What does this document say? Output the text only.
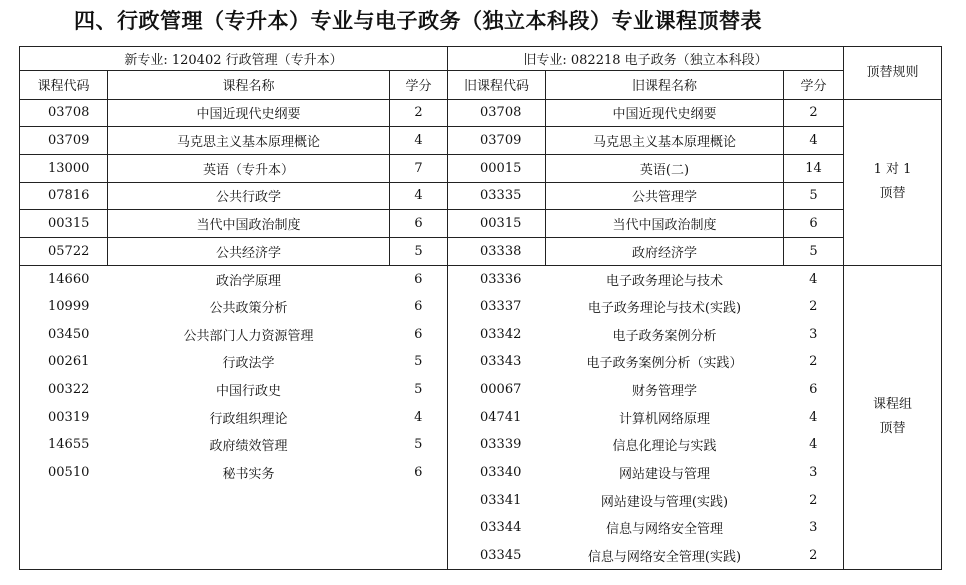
四、行政管理（专升本）专业与电子政务（独立本科段）专业课程顶替表
新专业: 120402 行政管理（专升本）			旧专业: 082218 电子政务（独立本科段）			顶替规则
课程代码	课程名称	学分	旧课程代码	旧课程名称	学分	
03708	中国近现代史纲要	2	03708	中国近现代史纲要	2	1 对 1
顶替

03709	马克思主义基本原理概论	4	03709	马克思主义基本原理概论	4	
13000	英语（专升本）	7	00015	英语(二)	14	
07816	公共行政学	4	03335	公共管理学	5	
00315	当代中国政治制度	6	00315	当代中国政治制度	6	
05722	公共经济学	5	03338	政府经济学	5	
14660	政治学原理	6	03336	电子政务理论与技术	4	课程组
顶替

10999	公共政策分析	6	03337	电子政务理论与技术(实践)	2	
03450	公共部门人力资源管理	6	03342	电子政务案例分析	3	
00261	行政法学	5	03343	电子政务案例分析（实践）	2	
00322	中国行政史	5	00067	财务管理学	6	
00319	行政组织理论	4	04741	计算机网络原理	4	
14655	政府绩效管理	5	03339	信息化理论与实践	4	
00510	秘书实务	6	03340	网站建设与管理	3	
			03341	网站建设与管理(实践)	2	
			03344	信息与网络安全管理	3	
			03345	信息与网络安全管理(实践)	2	
